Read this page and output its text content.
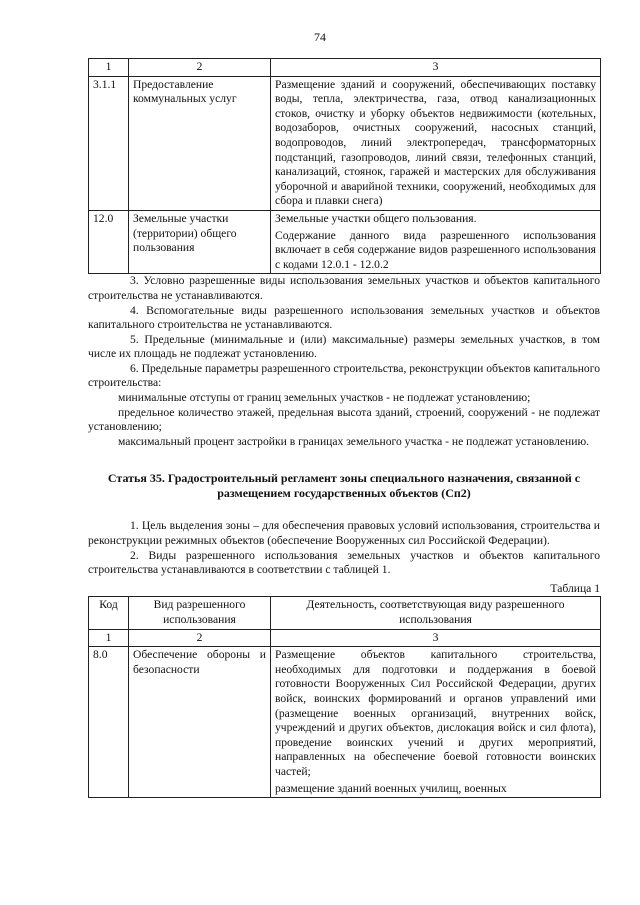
74
1	2	3
3.1.1	Предоставление коммунальных услуг	Размещение зданий и сооружений, обеспечивающих поставку воды, тепла, электричества, газа, отвод канализационных стоков, очистку и уборку объектов недвижимости (котельных, водозаборов, очистных сооружений, насосных станций, водопроводов, линий электропередач, трансформаторных подстанций, газопроводов, линий связи, телефонных станций, канализаций, стоянок, гаражей и мастерских для обслуживания уборочной и аварийной техники, сооружений, необходимых для сбора и плавки снега)
12.0	Земельные участки (территории) общего пользования	Земельные участки общего пользования.
Содержание данного вида разрешенного использования включает в себя содержание видов разрешенного использования с кодами 12.0.1 - 12.0.2

3. Условно разрешенные виды использования земельных участков и объектов капитального строительства не устанавливаются.

4. Вспомогательные виды разрешенного использования земельных участков и объектов капитального строительства не устанавливаются.

5. Предельные (минимальные и (или) максимальные) размеры земельных участков, в том числе их площадь не подлежат установлению.

6. Предельные параметры разрешенного строительства, реконструкции объектов капитального строительства:

минимальные отступы от границ земельных участков - не подлежат установлению;

предельное количество этажей, предельная высота зданий, строений, сооружений - не подлежат установлению;

максимальный процент застройки в границах земельного участка - не подлежат установлению.

Статья 35. Градостроительный регламент зоны специального назначения, связанной с размещением государственных объектов (Сп2)

1. Цель выделения зоны – для обеспечения правовых условий использования, строительства и реконструкции режимных объектов (обеспечение Вооруженных сил Российской Федерации).

2. Виды разрешенного использования земельных участков и объектов капитального строительства устанавливаются в соответствии с таблицей 1.

Таблица 1
Код	Вид разрешенного использования	Деятельность, соответствующая виду разрешенного использования
1	2	3
8.0	Обеспечение обороны и безопасности	Размещение объектов капитального строительства, необходимых для подготовки и поддержания в боевой готовности Вооруженных Сил Российской Федерации, других войск, воинских формирований и органов управлений ими (размещение военных организаций, внутренних войск, учреждений и других объектов, дислокация войск и сил флота), проведение воинских учений и других мероприятий, направленных на обеспечение боевой готовности воинских частей;
размещение зданий военных училищ, военных
